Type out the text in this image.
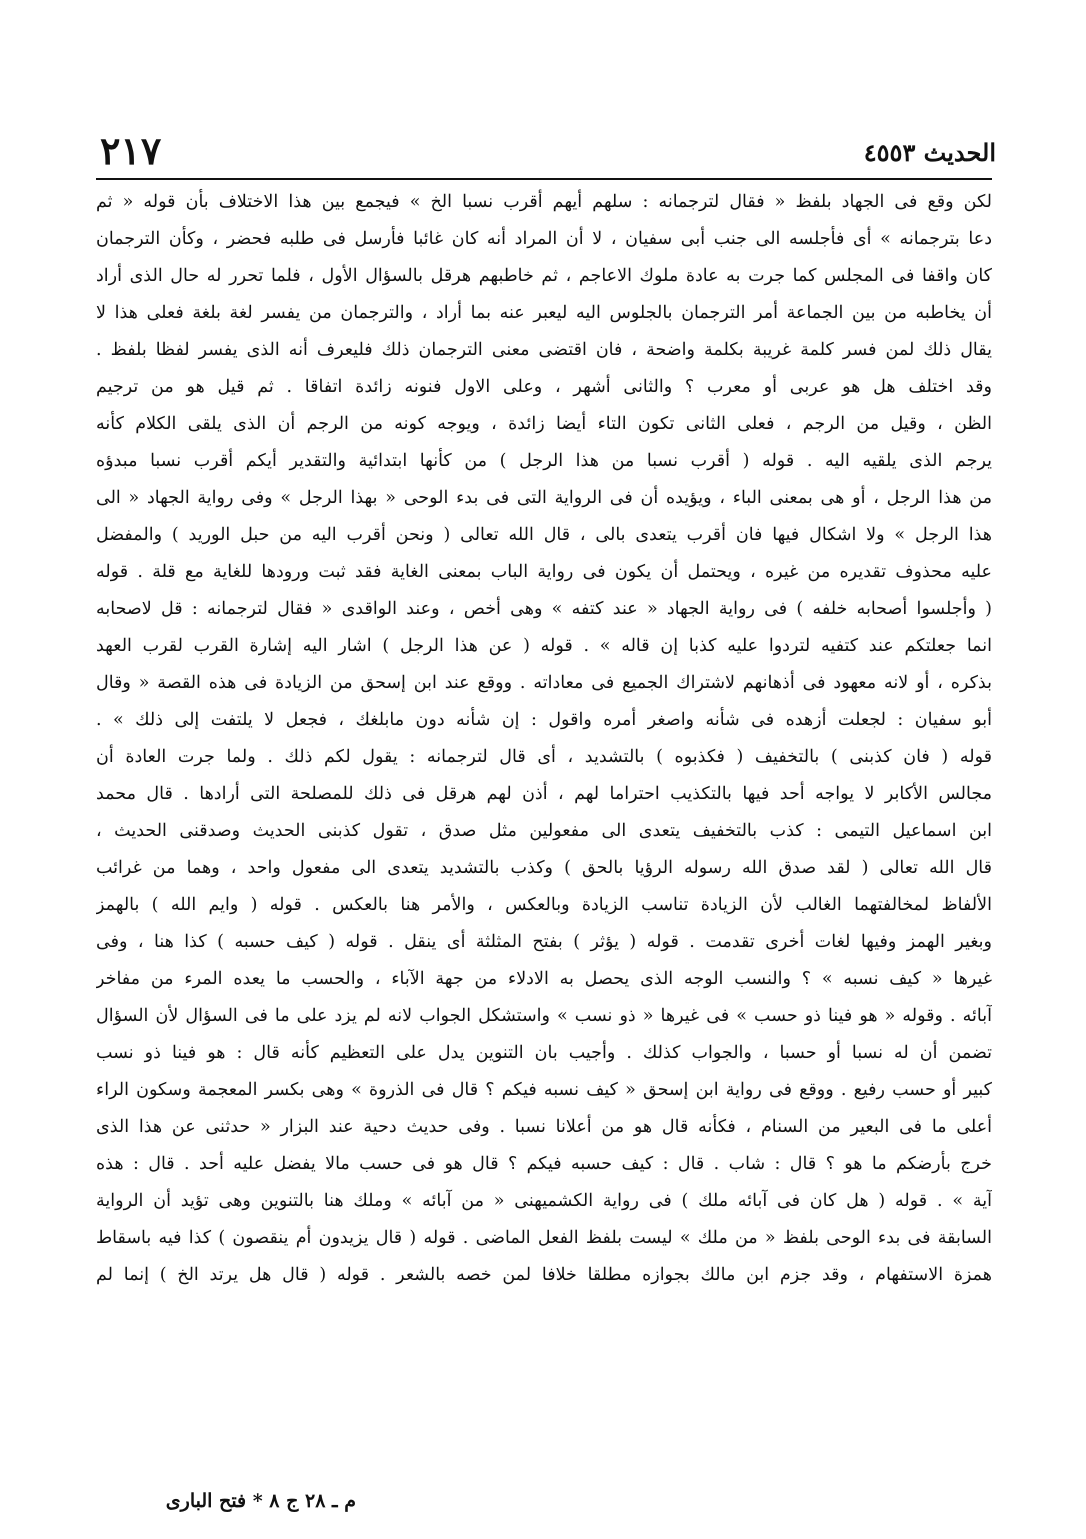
٢١٧	الحديث ٤٥٥٣
لكن وقع فى الجهاد بلفظ « فقال لترجمانه : سلهم أيهم أقرب نسبا الخ » فيجمع بين هذا الاختلاف بأن قوله « ثم
دعا بترجمانه » أى فأجلسه الى جنب أبى سفيان ، لا أن المراد أنه كان غائبا فأرسل فى طلبه فحضر ، وكأن الترجمان
كان واقفا فى المجلس كما جرت به عادة ملوك الاعاجم ، ثم خاطبهم هرقل بالسؤال الأول ، فلما تحرر له حال الذى أراد
أن يخاطبه من بين الجماعة أمر الترجمان بالجلوس اليه ليعبر عنه بما أراد ، والترجمان من يفسر لغة بلغة فعلى هذا لا
يقال ذلك لمن فسر كلمة غريبة بكلمة واضحة ، فان اقتضى معنى الترجمان ذلك فليعرف أنه الذى يفسر لفظا بلفظ .
وقد اختلف هل هو عربى أو معرب ؟ والثانى أشهر ، وعلى الاول فنونه زائدة اتفاقا . ثم قيل هو من ترجيم
الظن ، وقيل من الرجم ، فعلى الثانى تكون التاء أيضا زائدة ، ويوجه كونه من الرجم أن الذى يلقى الكلام كأنه
يرجم الذى يلقيه اليه . قوله ( أقرب نسبا من هذا الرجل ) من كأنها ابتدائية والتقدير أيكم أقرب نسبا مبدؤه
من هذا الرجل ، أو هى بمعنى الباء ، ويؤيده أن فى الرواية التى فى بدء الوحى « بهذا الرجل » وفى رواية الجهاد « الى
هذا الرجل » ولا اشكال فيها فان أقرب يتعدى بالى ، قال الله تعالى ( ونحن أقرب اليه من حبل الوريد ) والمفضل
عليه محذوف تقديره من غيره ، ويحتمل أن يكون فى رواية الباب بمعنى الغاية فقد ثبت ورودها للغاية مع قلة . قوله
( وأجلسوا أصحابه خلفه ) فى رواية الجهاد « عند كتفه » وهى أخص ، وعند الواقدى « فقال لترجمانه : قل لاصحابه
انما جعلتكم عند كتفيه لتردوا عليه كذبا إن قاله » . قوله ( عن هذا الرجل ) اشار اليه إشارة القرب لقرب العهد
بذكره ، أو لانه معهود فى أذهانهم لاشتراك الجميع فى معاداته . ووقع عند ابن إسحق من الزيادة فى هذه القصة « وقال
أبو سفيان : لجعلت أزهده فى شأنه واصغر أمره واقول : إن شأنه دون مابلغك ، فجعل لا يلتفت إلى ذلك » .
قوله ( فان كذبنى ) بالتخفيف ( فكذبوه ) بالتشديد ، أى قال لترجمانه : يقول لكم ذلك . ولما جرت العادة أن
مجالس الأكابر لا يواجه أحد فيها بالتكذيب احتراما لهم ، أذن لهم هرقل فى ذلك للمصلحة التى أرادها . قال محمد
ابن اسماعيل التيمى : كذب بالتخفيف يتعدى الى مفعولين مثل صدق ، تقول كذبنى الحديث وصدقنى الحديث ،
قال الله تعالى ( لقد صدق الله رسوله الرؤيا بالحق ) وكذب بالتشديد يتعدى الى مفعول واحد ، وهما من غرائب
الألفاظ لمخالفتهما الغالب لأن الزيادة تناسب الزيادة وبالعكس ، والأمر هنا بالعكس . قوله ( وايم الله ) بالهمز
وبغير الهمز وفيها لغات أخرى تقدمت . قوله ( يؤثر ) بفتح المثلثة أى ينقل . قوله ( كيف حسبه ) كذا هنا ، وفى
غيرها « كيف نسبه » ؟ والنسب الوجه الذى يحصل به الادلاء من جهة الآباء ، والحسب ما يعده المرء من مفاخر
آبائه . وقوله « هو فينا ذو حسب » فى غيرها « ذو نسب » واستشكل الجواب لانه لم يزد على ما فى السؤال لأن السؤال
تضمن أن له نسبا أو حسبا ، والجواب كذلك . وأجيب بان التنوين يدل على التعظيم كأنه قال : هو فينا ذو نسب
كبير أو حسب رفيع . ووقع فى رواية ابن إسحق « كيف نسبه فيكم ؟ قال فى الذروة » وهى بكسر المعجمة وسكون الراء
أعلى ما فى البعير من السنام ، فكأنه قال هو من أعلانا نسبا . وفى حديث دحية عند البزار « حدثنى عن هذا الذى
خرج بأرضكم ما هو ؟ قال : شاب . قال : كيف حسبه فيكم ؟ قال هو فى حسب مالا يفضل عليه أحد . قال : هذه
آية » . قوله ( هل كان فى آبائه ملك ) فى رواية الكشميهنى « من آبائه » وملك هنا بالتنوين وهى تؤيد أن الرواية
السابقة فى بدء الوحى بلفظ « من ملك » ليست بلفظ الفعل الماضى . قوله ( قال يزيدون أم ينقصون ) كذا فيه باسقاط
همزة الاستفهام ، وقد جزم ابن مالك بجوازه مطلقا خلافا لمن خصه بالشعر . قوله ( قال هل يرتد الخ ) إنما لم
م ـ ٢٨ ج ٨ * فتح البارى
